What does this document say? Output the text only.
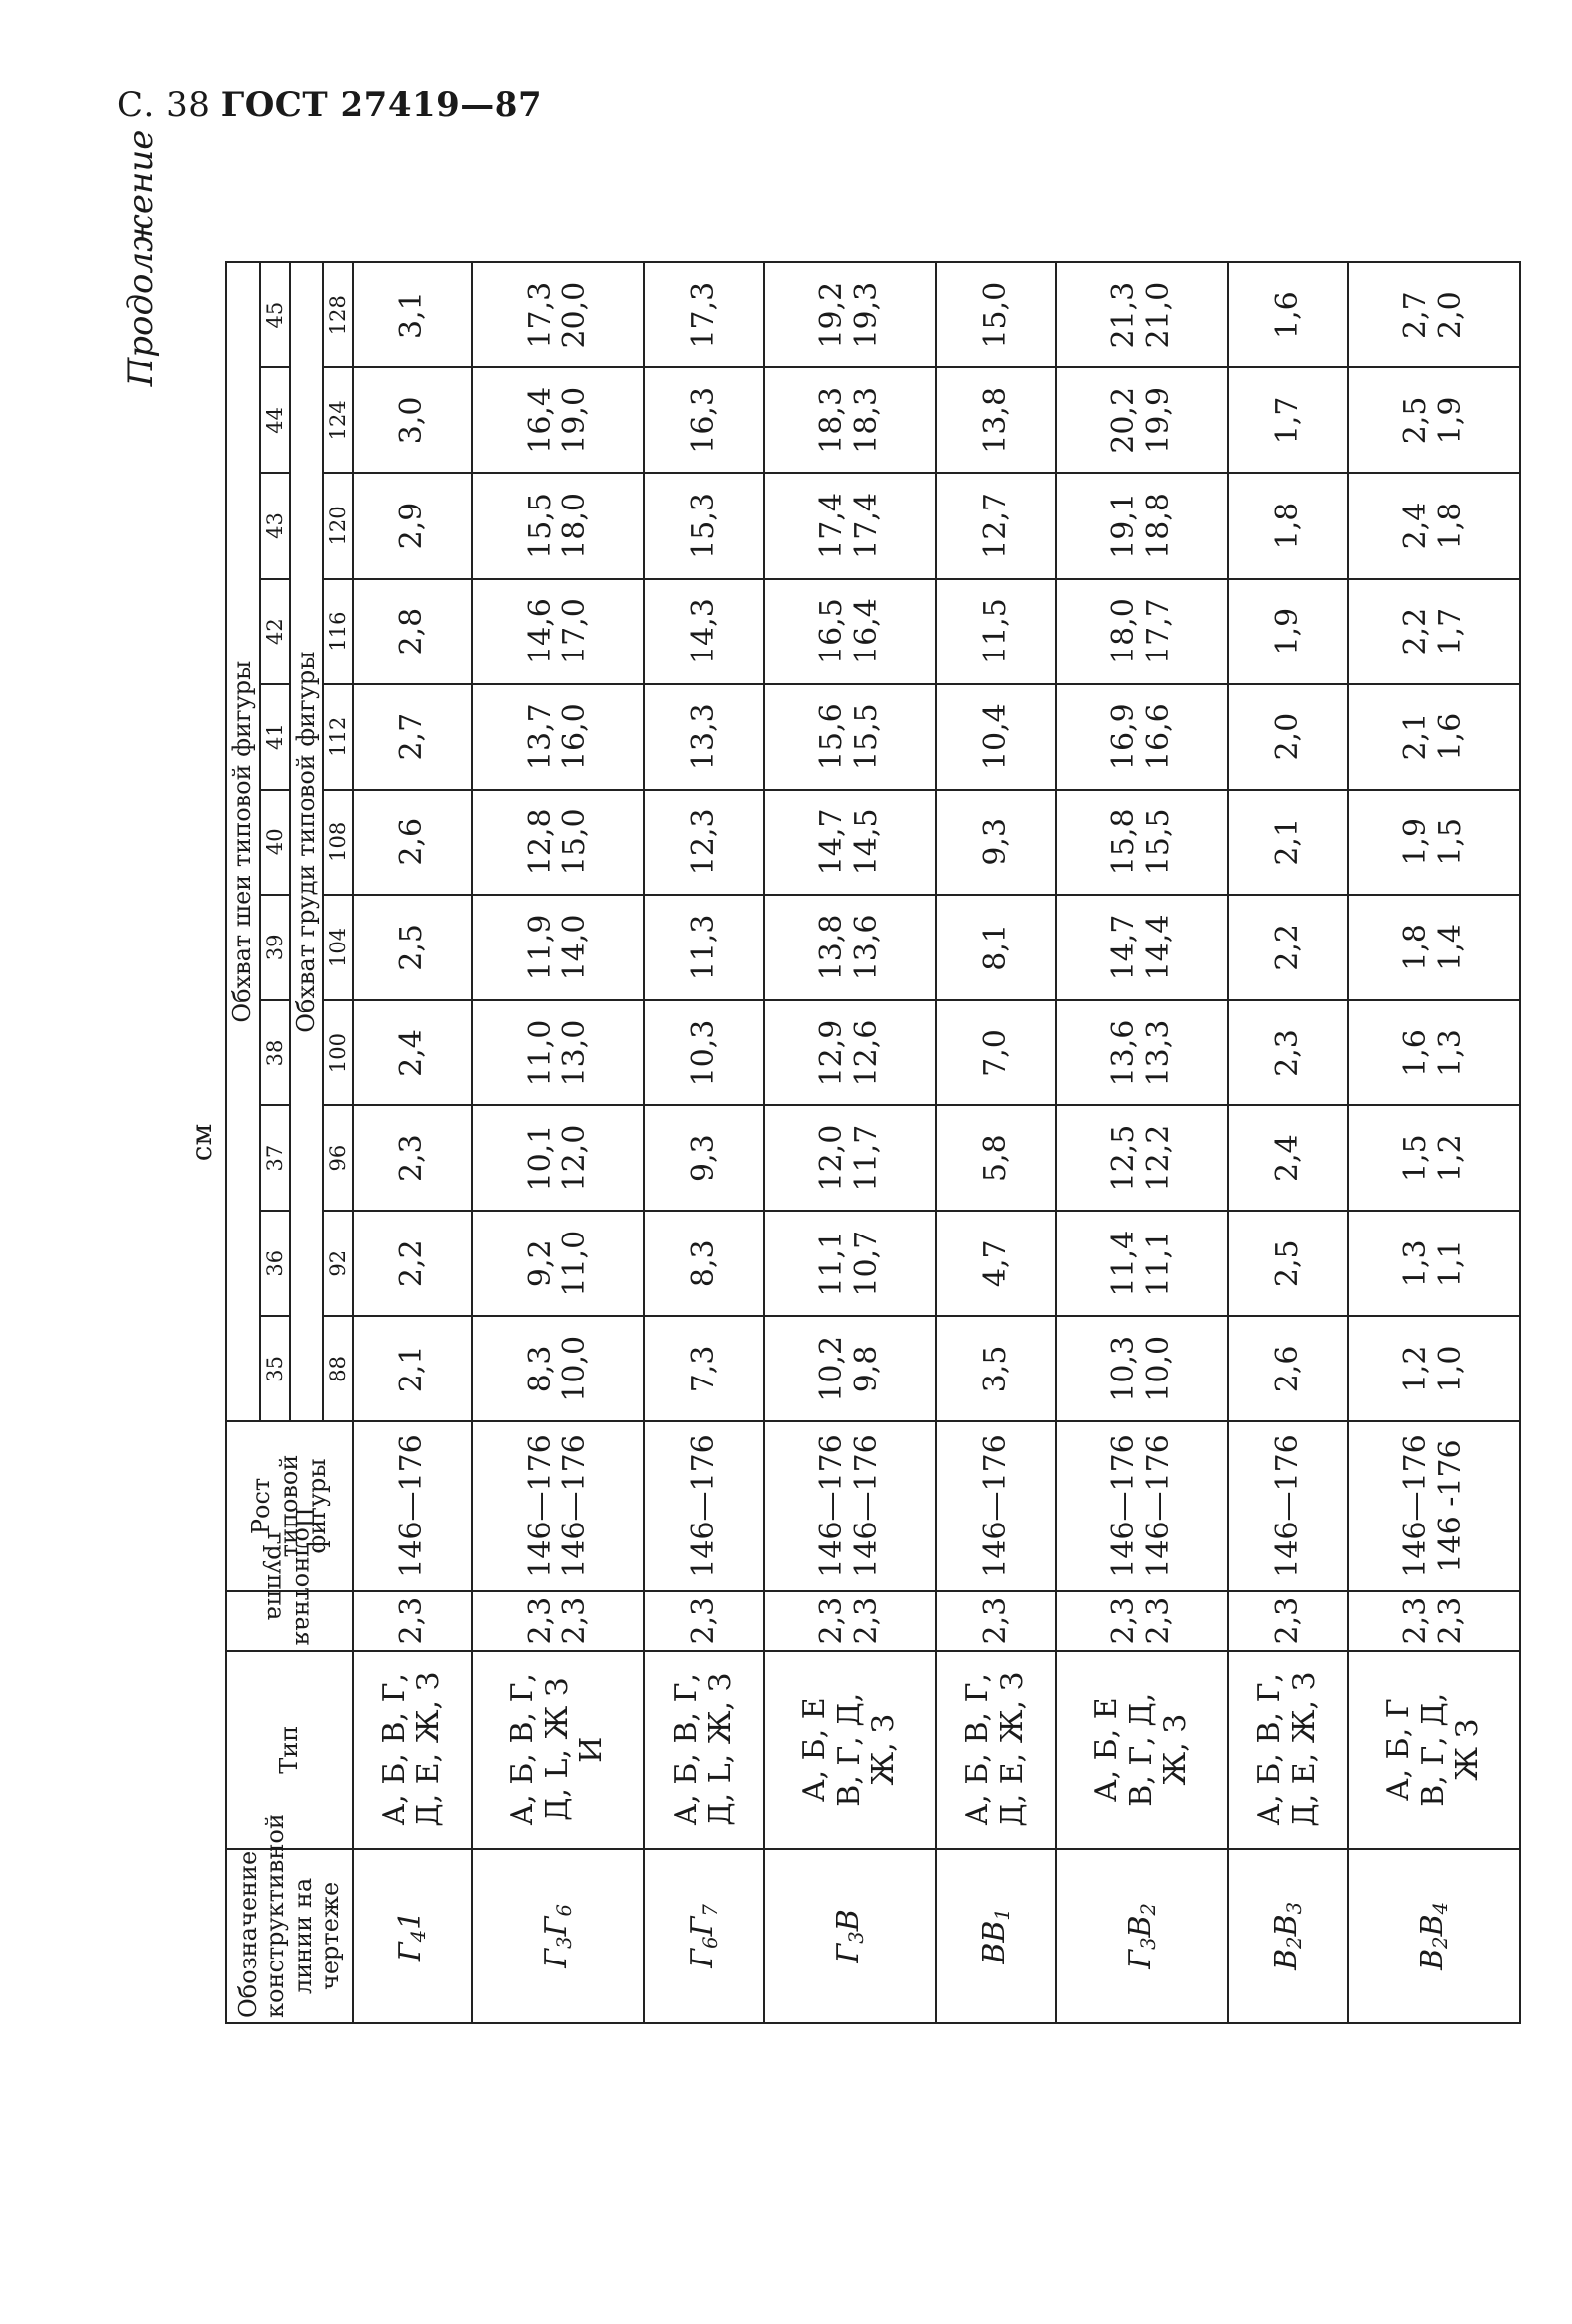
С. 38 ГОСТ 27419—87
Продолжение
см
Обозначение конструктивной линии на чертеже	Тип	Полнотная группа	Рост типовой фигуры	Обхват шеи типовой фигуры										
				35	36	37	38	39	40	41	42	43	44	45
				Обхват груди типовой фигуры										
				88	92	96	100	104	108	112	116	120	124	128
$Г_41$	А, Б, В, Г, Д, Е, Ж, З	2,3	146—176	2,1	2,2	2,3	2,4	2,5	2,6	2,7	2,8	2,9	3,0	3,1

$Г_3Г_6$	А, Б, В, Г, Д, L, Ж З И	2,3 2,3	146—176 146—176	8,3 10,0	9,2 11,0	10,1 12,0	11,0 13,0	11,9 14,0	12,8 15,0	13,7 16,0	14,6 17,0	15,5 18,0	16,4 19,0	17,3 20,0

$Г_6Г_7$	А, Б, В, Г, Д, L, Ж, З	2,3	146—176	7,3	8,3	9,3	10,3	11,3	12,3	13,3	14,3	15,3	16,3	17,3

$Г_3В$	А, Б, Е В, Г, Д, Ж, З	2,3 2,3	146—176 146—176	10,2 9,8	11,1 10,7	12,0 11,7	12,9 12,6	13,8 13,6	14,7 14,5	15,6 15,5	16,5 16,4	17,4 17,4	18,3 18,3	19,2 19,3

$ВВ_1$	А, Б, В, Г, Д, Е, Ж, З	2,3	146—176	3,5	4,7	5,8	7,0	8,1	9,3	10,4	11,5	12,7	13,8	15,0

$Г_3В_2$	А, Б, Е В, Г, Д, Ж, З	2,3 2,3	146—176 146—176	10,3 10,0	11,4 11,1	12,5 12,2	13,6 13,3	14,7 14,4	15,8 15,5	16,9 16,6	18,0 17,7	19,1 18,8	20,2 19,9	21,3 21,0

$В_2В_3$	А, Б, В, Г, Д, Е, Ж, З	2,3	146—176	2,6	2,5	2,4	2,3	2,2	2,1	2,0	1,9	1,8	1,7	1,6

$В_2В_4$	А, Б, Г В, Г, Д, Ж З	2,3 2,3	146—176 146 -176	1,2 1,0	1,3 1,1	1,5 1,2	1,6 1,3	1,8 1,4	1,9 1,5	2,1 1,6	2,2 1,7	2,4 1,8	2,5 1,9	2,7 2,0
